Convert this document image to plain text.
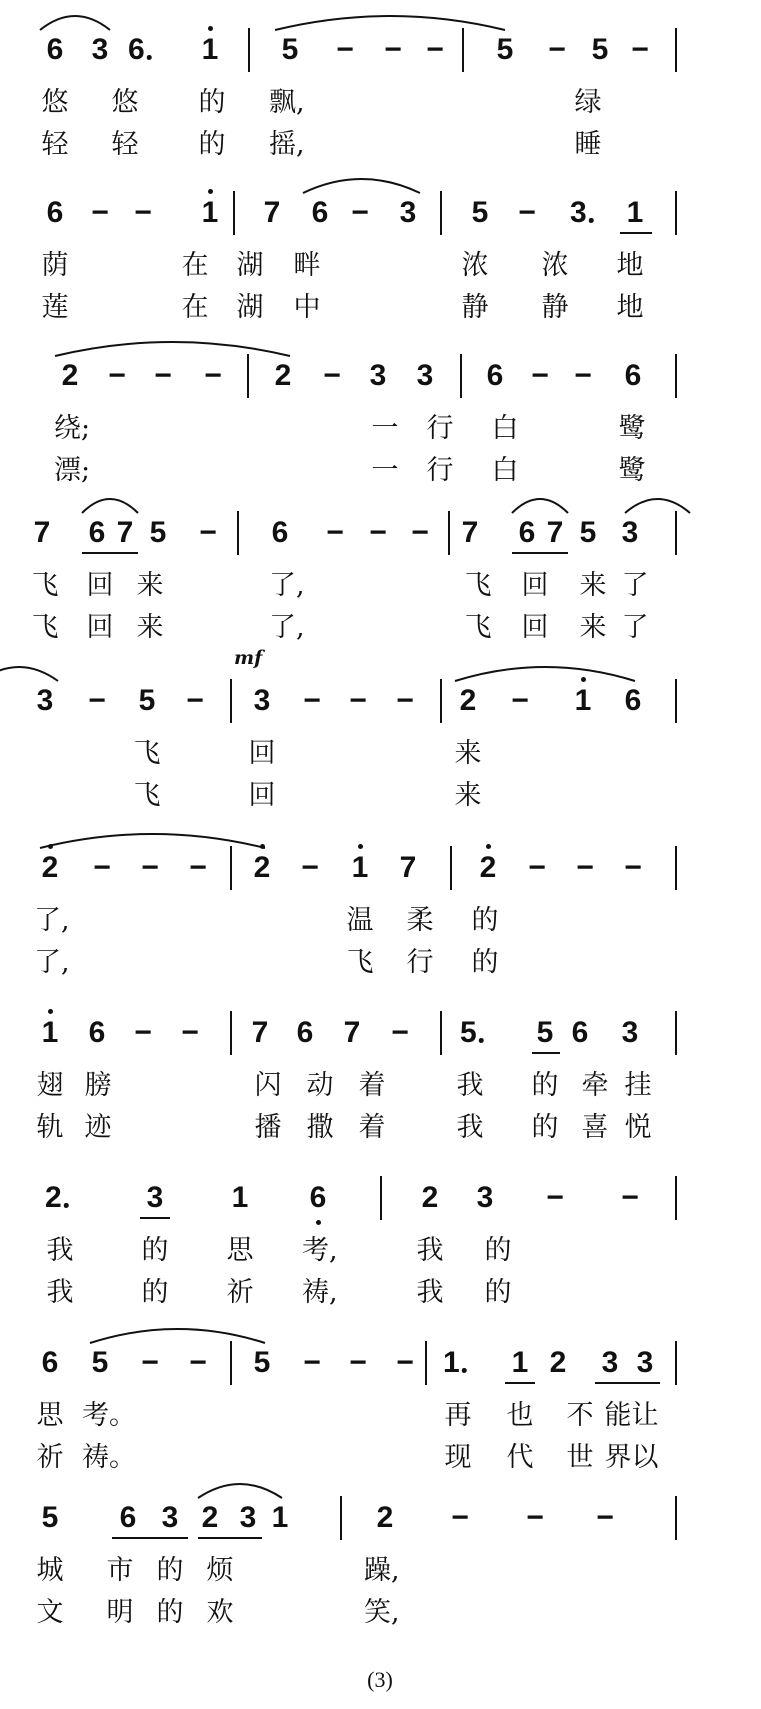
6 3 6． 1 5 − − − 5 − 5 −
悠 悠 的 飘,	绿
轻 轻 的 摇,	睡
6 − − 1 7 6 − 3 5 − 3． 1
荫	在 湖 畔	浓 浓 地
莲	在 湖 中	静 静 地
2 − − − 2 − 3 3 6 − − 6
绕;	一 行 白	鹭
漂;	一 行 白	鹭
7 6 7 5 − 6 − − − 7 6 7 5 3
飞 回 来	了,	飞 回 来 了
飞 回 来	了,	飞 回 来 了
mf
3 − 5 − 3 − − − 2 − 1 6
飞	回	来
飞	回	来
2 − − − 2 − 1 7 2 − − −
了,	温 柔 的
了,	飞 行 的
1 6 − − 7 6 7 − 5． 5 6 3
翅 膀	闪 动 着	我 的 牵 挂
轨 迹	播 撒 着	我 的 喜 悦
2． 3 1 6	2 3 − −
我	的 思 考,	我 的
我	的 祈 祷,	我 的
6 5 − − 5 − − − 1． 1 2 3 3
思 考。	再 也 不 能 让
祈 祷。	现 代 世 界 以
5 6 3 2 3 1	2 − − −
城 市 的 烦	躁,
文 明 的 欢	笑,
(3)
